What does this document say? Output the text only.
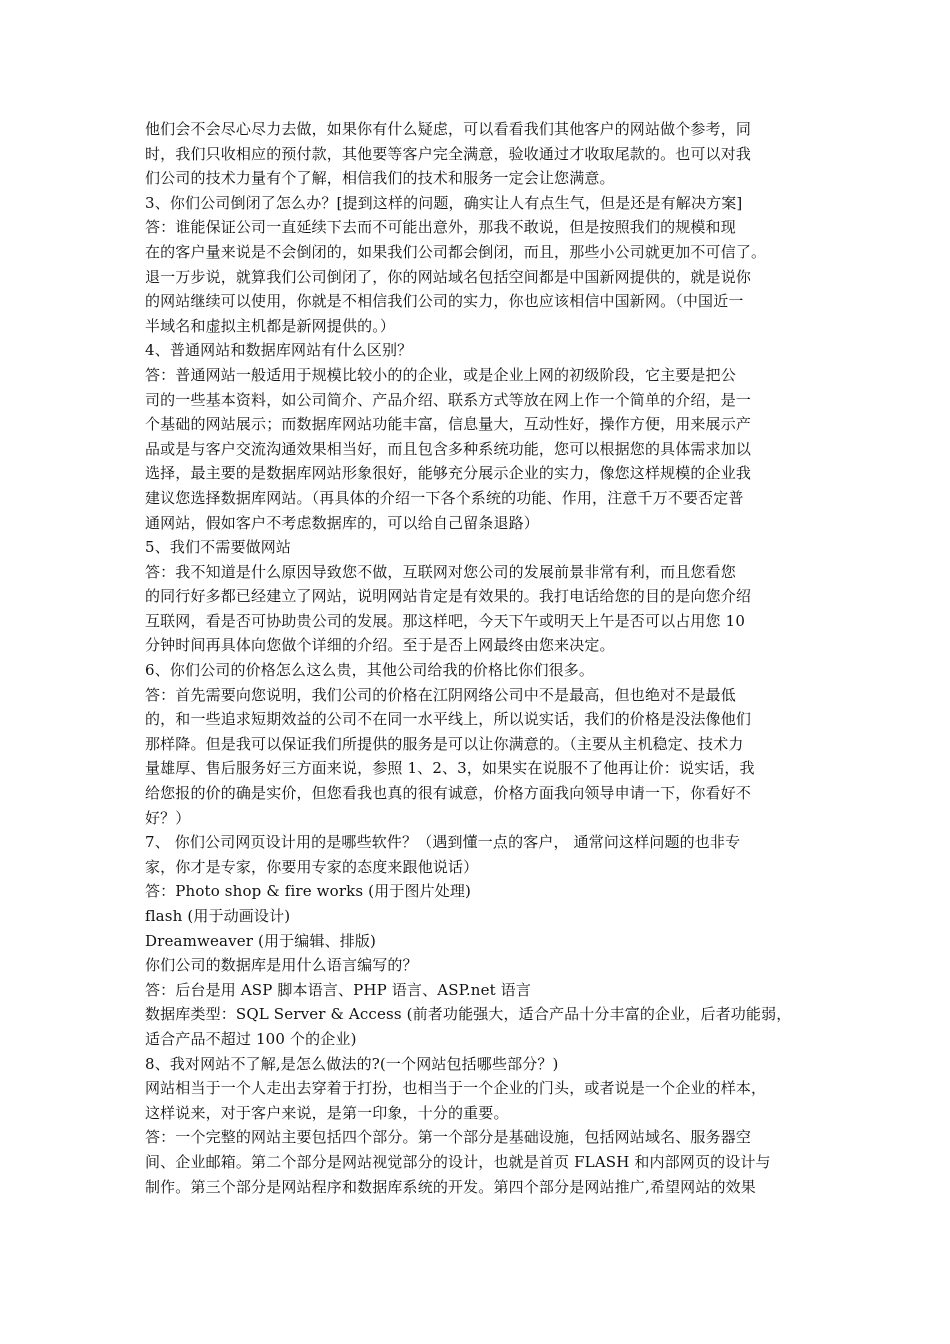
他们会不会尽心尽力去做，如果你有什么疑虑，可以看看我们其他客户的网站做个参考，同
时，我们只收相应的预付款，其他要等客户完全满意，验收通过才收取尾款的。也可以对我
们公司的技术力量有个了解，相信我们的技术和服务一定会让您满意。
3、你们公司倒闭了怎么办？[提到这样的问题，确实让人有点生气，但是还是有解决方案]
答：谁能保证公司一直延续下去而不可能出意外，那我不敢说，但是按照我们的规模和现
在的客户量来说是不会倒闭的，如果我们公司都会倒闭，而且，那些小公司就更加不可信了。
退一万步说，就算我们公司倒闭了，你的网站域名包括空间都是中国新网提供的，就是说你
的网站继续可以使用，你就是不相信我们公司的实力，你也应该相信中国新网。（中国近一
半域名和虚拟主机都是新网提供的。）
4、普通网站和数据库网站有什么区别？
答：普通网站一般适用于规模比较小的的企业，或是企业上网的初级阶段，它主要是把公
司的一些基本资料，如公司简介、产品介绍、联系方式等放在网上作一个简单的介绍，是一
个基础的网站展示；而数据库网站功能丰富，信息量大，互动性好，操作方便，用来展示产
品或是与客户交流沟通效果相当好，而且包含多种系统功能，您可以根据您的具体需求加以
选择，最主要的是数据库网站形象很好，能够充分展示企业的实力，像您这样规模的企业我
建议您选择数据库网站。（再具体的介绍一下各个系统的功能、作用，注意千万不要否定普
通网站，假如客户不考虑数据库的，可以给自己留条退路）
5、我们不需要做网站
答：我不知道是什么原因导致您不做，互联网对您公司的发展前景非常有利，而且您看您
的同行好多都已经建立了网站，说明网站肯定是有效果的。我打电话给您的目的是向您介绍
互联网，看是否可协助贵公司的发展。那这样吧，今天下午或明天上午是否可以占用您 10
分钟时间再具体向您做个详细的介绍。至于是否上网最终由您来决定。
6、你们公司的价格怎么这么贵，其他公司给我的价格比你们很多。
答：首先需要向您说明，我们公司的价格在江阴网络公司中不是最高，但也绝对不是最低
的，和一些追求短期效益的公司不在同一水平线上，所以说实话，我们的价格是没法像他们
那样降。但是我可以保证我们所提供的服务是可以让你满意的。（主要从主机稳定、技术力
量雄厚、售后服务好三方面来说，参照 1、2、3，如果实在说服不了他再让价：说实话，我
给您报的价的确是实价，但您看我也真的很有诚意，价格方面我向领导申请一下，你看好不
好？）
7、 你们公司网页设计用的是哪些软件？（遇到懂一点的客户， 通常问这样问题的也非专
家，你才是专家，你要用专家的态度来跟他说话）
答：Photo shop & fire works (用于图片处理)
flash (用于动画设计)
Dreamweaver (用于编辑、排版)
你们公司的数据库是用什么语言编写的？
答：后台是用 ASP 脚本语言、PHP 语言、ASP.net 语言
数据库类型：SQL Server & Access (前者功能强大，适合产品十分丰富的企业，后者功能弱，
适合产品不超过 100 个的企业)
8、我对网站不了解,是怎么做法的?(一个网站包括哪些部分？)
网站相当于一个人走出去穿着于打扮，也相当于一个企业的门头，或者说是一个企业的样本，
这样说来，对于客户来说，是第一印象，十分的重要。
答：一个完整的网站主要包括四个部分。第一个部分是基础设施，包括网站域名、服务器空
间、企业邮箱。第二个部分是网站视觉部分的设计，也就是首页 FLASH 和内部网页的设计与
制作。第三个部分是网站程序和数据库系统的开发。第四个部分是网站推广,希望网站的效果
